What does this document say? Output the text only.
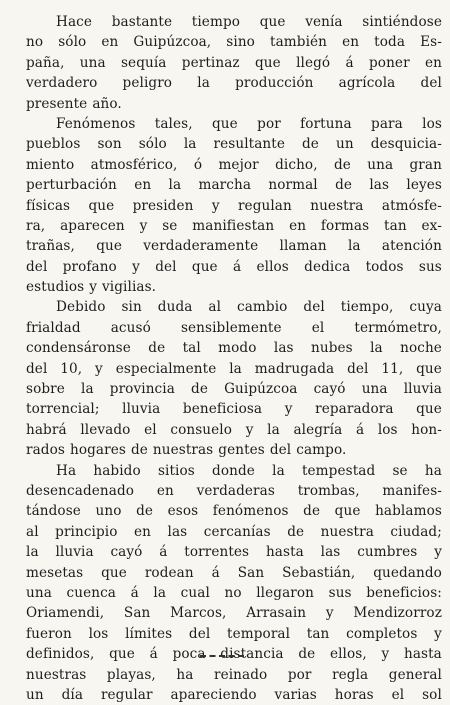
Hace bastante tiempo que venía sintiéndose
no sólo en Guipúzcoa, sino también en toda Es-
paña, una sequía pertinaz que llegó á poner en
verdadero peligro la producción agrícola del
presente año.
Fenómenos tales, que por fortuna para los
pueblos son sólo la resultante de un desquicia-
miento atmosférico, ó mejor dicho, de una gran
perturbación en la marcha normal de las leyes
físicas que presiden y regulan nuestra atmósfe-
ra, aparecen y se manifiestan en formas tan ex-
trañas, que verdaderamente llaman la atención
del profano y del que á ellos dedica todos sus
estudios y vigilias.
Debido sin duda al cambio del tiempo, cuya
frialdad acusó sensiblemente el termómetro,
condensáronse de tal modo las nubes la noche
del 10, y especialmente la madrugada del 11, que
sobre la provincia de Guipúzcoa cayó una lluvia
torrencial; lluvia beneficiosa y reparadora que
habrá llevado el consuelo y la alegría á los hon-
rados hogares de nuestras gentes del campo.
Ha habido sitios donde la tempestad se ha
desencadenado en verdaderas trombas, manifes-
tándose uno de esos fenómenos de que hablamos
al principio en las cercanías de nuestra ciudad;
la lluvia cayó á torrentes hasta las cumbres y
mesetas que rodean á San Sebastián, quedando
una cuenca á la cual no llegaron sus beneficios:
Oriamendi, San Marcos, Arrasain y Mendizorroz
fueron los límites del temporal tan completos y
definidos, que á poca distancia de ellos, y hasta
nuestras playas, ha reinado por regla general
un día regular apareciendo varias horas el sol
